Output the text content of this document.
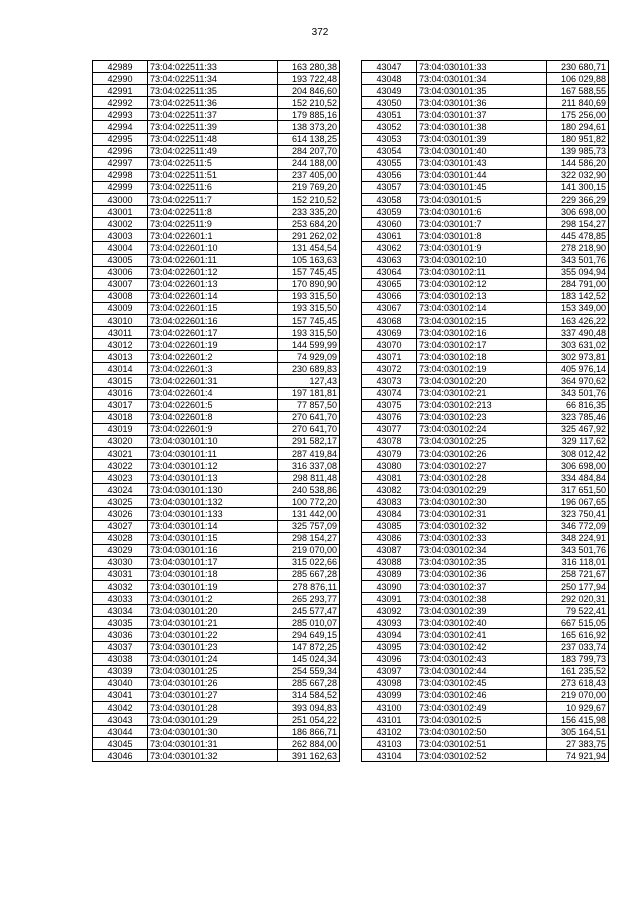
372
42989	73:04:022511:33	163 280,38
42990	73:04:022511:34	193 722,48
42991	73:04:022511:35	204 846,60
42992	73:04:022511:36	152 210,52
42993	73:04:022511:37	179 885,16
42994	73:04:022511:39	138 373,20
42995	73:04:022511:48	614 138,25
42996	73:04:022511:49	284 207,70
42997	73:04:022511:5	244 188,00
42998	73:04:022511:51	237 405,00
42999	73:04:022511:6	219 769,20
43000	73:04:022511:7	152 210,52
43001	73:04:022511:8	233 335,20
43002	73:04:022511:9	253 684,20
43003	73:04:022601:1	291 262,02
43004	73:04:022601:10	131 454,54
43005	73:04:022601:11	105 163,63
43006	73:04:022601:12	157 745,45
43007	73:04:022601:13	170 890,90
43008	73:04:022601:14	193 315,50
43009	73:04:022601:15	193 315,50
43010	73:04:022601:16	157 745,45
43011	73:04:022601:17	193 315,50
43012	73:04:022601:19	144 599,99
43013	73:04:022601:2	74 929,09
43014	73:04:022601:3	230 689,83
43015	73:04:022601:31	127,43
43016	73:04:022601:4	197 181,81
43017	73:04:022601:5	77 857,50
43018	73:04:022601:8	270 641,70
43019	73:04:022601:9	270 641,70
43020	73:04:030101:10	291 582,17
43021	73:04:030101:11	287 419,84
43022	73:04:030101:12	316 337,08
43023	73:04:030101:13	298 811,48
43024	73:04:030101:130	240 538,86
43025	73:04:030101:132	100 772,20
43026	73:04:030101:133	131 442,00
43027	73:04:030101:14	325 757,09
43028	73:04:030101:15	298 154,27
43029	73:04:030101:16	219 070,00
43030	73:04:030101:17	315 022,66
43031	73:04:030101:18	285 667,28
43032	73:04:030101:19	278 876,11
43033	73:04:030101:2	265 293,77
43034	73:04:030101:20	245 577,47
43035	73:04:030101:21	285 010,07
43036	73:04:030101:22	294 649,15
43037	73:04:030101:23	147 872,25
43038	73:04:030101:24	145 024,34
43039	73:04:030101:25	254 559,34
43040	73:04:030101:26	285 667,28
43041	73:04:030101:27	314 584,52
43042	73:04:030101:28	393 094,83
43043	73:04:030101:29	251 054,22
43044	73:04:030101:30	186 866,71
43045	73:04:030101:31	262 884,00
43046	73:04:030101:32	391 162,63
43047	73:04:030101:33	230 680,71
43048	73:04:030101:34	106 029,88
43049	73:04:030101:35	167 588,55
43050	73:04:030101:36	211 840,69
43051	73:04:030101:37	175 256,00
43052	73:04:030101:38	180 294,61
43053	73:04:030101:39	180 951,82
43054	73:04:030101:40	139 985,73
43055	73:04:030101:43	144 586,20
43056	73:04:030101:44	322 032,90
43057	73:04:030101:45	141 300,15
43058	73:04:030101:5	229 366,29
43059	73:04:030101:6	306 698,00
43060	73:04:030101:7	298 154,27
43061	73:04:030101:8	445 478,85
43062	73:04:030101:9	278 218,90
43063	73:04:030102:10	343 501,76
43064	73:04:030102:11	355 094,94
43065	73:04:030102:12	284 791,00
43066	73:04:030102:13	183 142,52
43067	73:04:030102:14	153 349,00
43068	73:04:030102:15	163 426,22
43069	73:04:030102:16	337 490,48
43070	73:04:030102:17	303 631,02
43071	73:04:030102:18	302 973,81
43072	73:04:030102:19	405 976,14
43073	73:04:030102:20	364 970,62
43074	73:04:030102:21	343 501,76
43075	73:04:030102:213	66 816,35
43076	73:04:030102:23	323 785,46
43077	73:04:030102:24	325 467,92
43078	73:04:030102:25	329 117,62
43079	73:04:030102:26	308 012,42
43080	73:04:030102:27	306 698,00
43081	73:04:030102:28	334 484,84
43082	73:04:030102:29	317 651,50
43083	73:04:030102:30	196 067,65
43084	73:04:030102:31	323 750,41
43085	73:04:030102:32	346 772,09
43086	73:04:030102:33	348 224,91
43087	73:04:030102:34	343 501,76
43088	73:04:030102:35	316 118,01
43089	73:04:030102:36	258 721,67
43090	73:04:030102:37	250 177,94
43091	73:04:030102:38	292 020,31
43092	73:04:030102:39	79 522,41
43093	73:04:030102:40	667 515,05
43094	73:04:030102:41	165 616,92
43095	73:04:030102:42	237 033,74
43096	73:04:030102:43	183 799,73
43097	73:04:030102:44	161 235,52
43098	73:04:030102:45	273 618,43
43099	73:04:030102:46	219 070,00
43100	73:04:030102:49	10 929,67
43101	73:04:030102:5	156 415,98
43102	73:04:030102:50	305 164,51
43103	73:04:030102:51	27 383,75
43104	73:04:030102:52	74 921,94
